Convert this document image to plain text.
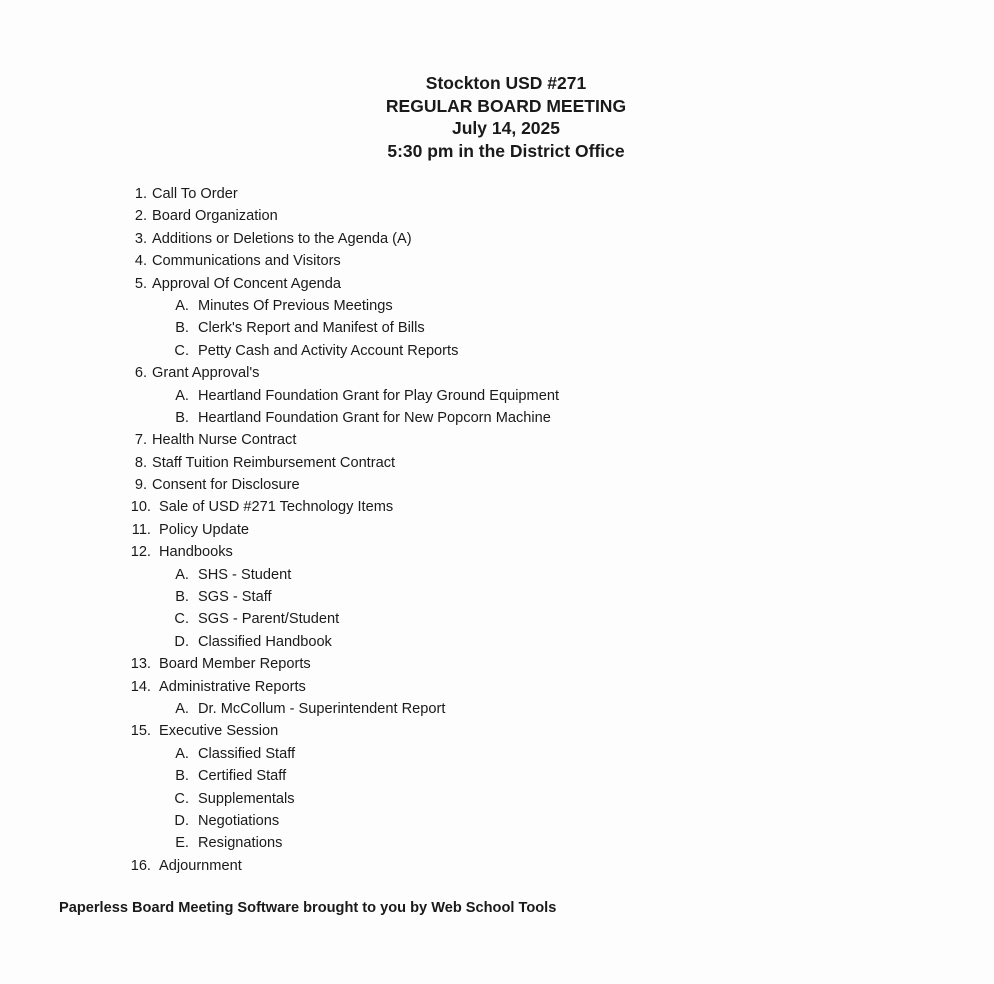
Stockton USD #271
REGULAR BOARD MEETING
July 14, 2025
5:30 pm in the District Office
1. Call To Order
2. Board Organization
3. Additions or Deletions to the Agenda (A)
4. Communications and Visitors
5. Approval Of Concent Agenda
A. Minutes Of Previous Meetings
B. Clerk's Report and Manifest of Bills
C. Petty Cash and Activity Account Reports
6. Grant Approval's
A. Heartland Foundation Grant for Play Ground Equipment
B. Heartland Foundation Grant for New Popcorn Machine
7. Health Nurse Contract
8. Staff Tuition Reimbursement Contract
9. Consent for Disclosure
10. Sale of USD #271 Technology Items
11. Policy Update
12. Handbooks
A. SHS - Student
B. SGS - Staff
C. SGS - Parent/Student
D. Classified Handbook
13. Board Member Reports
14. Administrative Reports
A. Dr. McCollum - Superintendent Report
15. Executive Session
A. Classified Staff
B. Certified Staff
C. Supplementals
D. Negotiations
E. Resignations
16. Adjournment
Paperless Board Meeting Software brought to you by Web School Tools
